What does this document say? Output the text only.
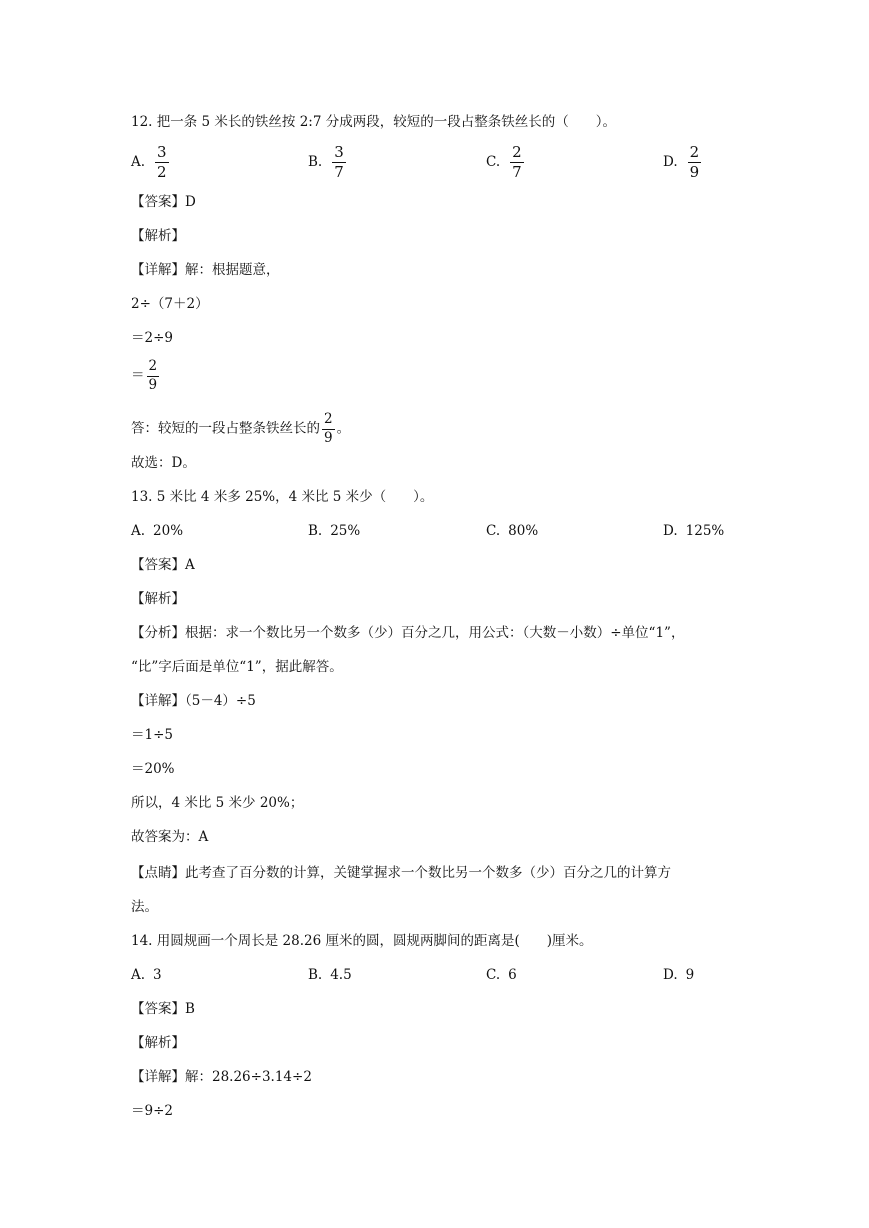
12. 把一条 5 米长的铁丝按 2:7 分成两段，较短的一段占整条铁丝长的（　　）。
A. $\frac{3}{2}$	B. $\frac{3}{7}$	C. $\frac{2}{7}$	D. $\frac{2}{9}$
【答案】D
【解析】
【详解】解：根据题意，
2÷（7＋2）
＝2÷9
＝ $\frac{2}{9}$
答：较短的一段占整条铁丝长的 $\frac{2}{9}$ 。
故选：D。
13. 5 米比 4 米多 25%，4 米比 5 米少（　　）。
A. 20%	B. 25%	C. 80%	D. 125%
【答案】A
【解析】
【分析】根据：求一个数比另一个数多（少）百分之几，用公式：（大数－小数）÷单位“1”，
“比”字后面是单位“1”，据此解答。
【详解】（5－4）÷5
＝1÷5
＝20%
所以，4 米比 5 米少 20%；
故答案为：A
【点睛】此考查了百分数的计算，关键掌握求一个数比另一个数多（少）百分之几的计算方
法。
14. 用圆规画一个周长是 28.26 厘米的圆，圆规两脚间的距离是(　　)厘米。
A. 3	B. 4.5	C. 6	D. 9
【答案】B
【解析】
【详解】解：28.26÷3.14÷2
＝9÷2
